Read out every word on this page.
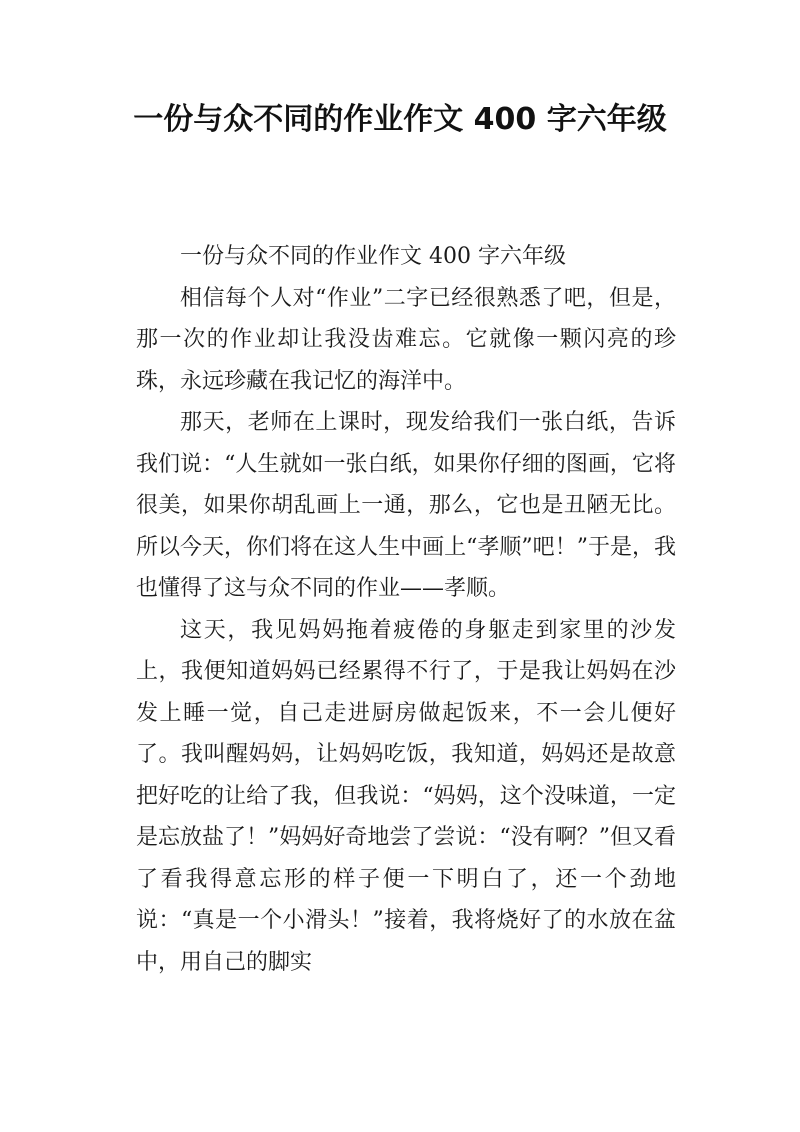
一份与众不同的作业作文 400 字六年级

一份与众不同的作业作文 400 字六年级

相信每个人对“作业”二字已经很熟悉了吧，但是，那一次的作业却让我没齿难忘。它就像一颗闪亮的珍珠，永远珍藏在我记忆的海洋中。

那天，老师在上课时，现发给我们一张白纸，告诉我们说：“人生就如一张白纸，如果你仔细的图画，它将很美，如果你胡乱画上一通，那么，它也是丑陋无比。所以今天，你们将在这人生中画上“孝顺”吧！”于是，我也懂得了这与众不同的作业——孝顺。

这天，我见妈妈拖着疲倦的身躯走到家里的沙发上，我便知道妈妈已经累得不行了，于是我让妈妈在沙发上睡一觉，自己走进厨房做起饭来，不一会儿便好了。我叫醒妈妈，让妈妈吃饭，我知道，妈妈还是故意把好吃的让给了我，但我说：“妈妈，这个没味道，一定是忘放盐了！”妈妈好奇地尝了尝说：“没有啊？”但又看了看我得意忘形的样子便一下明白了，还一个劲地说：“真是一个小滑头！”接着，我将烧好了的水放在盆中，用自己的脚实
